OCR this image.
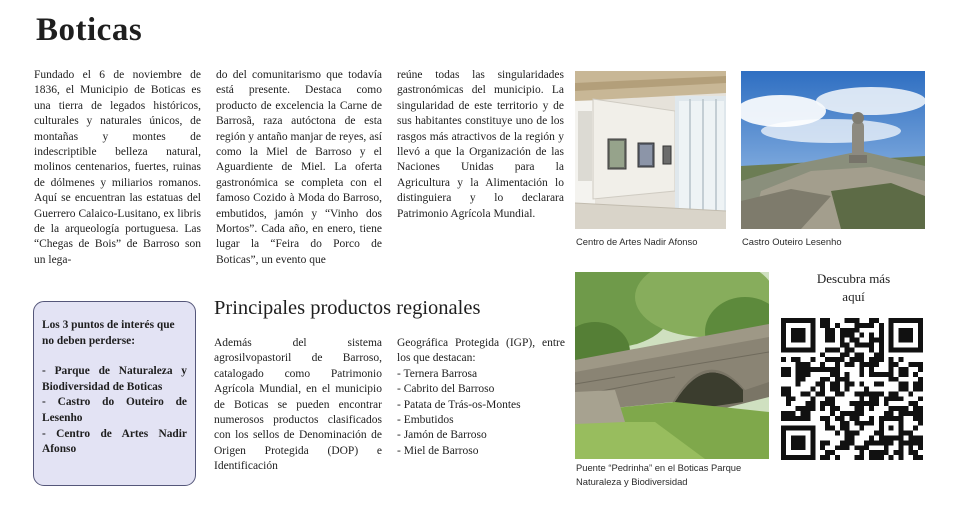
Boticas
Fundado el 6 de noviembre de 1836, el Municipio de Boticas es una tierra de legados históricos, culturales y naturales únicos, de montañas y montes de indescriptible belleza natural, molinos centenarios, fuertes, ruinas de dólmenes y miliarios romanos. Aquí se encuentran las estatuas del Guerrero Calaico-Lusitano, ex libris de la arqueología portuguesa. Las “Chegas de Bois” de Barroso son un lega-
do del comunitarismo que todavía está presente. Destaca como producto de excelencia la Carne de Barrosã, raza autóctona de esta región y antaño manjar de reyes, así como la Miel de Barroso y el Aguardiente de Miel. La oferta gastronómica se completa con el famoso Cozido à Moda do Barroso, embutidos, jamón y “Vinho dos Mortos”. Cada año, en enero, tiene lugar la “Feira do Porco de Boticas”, un evento que
reúne todas las singularidades gastronómicas del municipio. La singularidad de este territorio y de sus habitantes constituye uno de los rasgos más atractivos de la región y llevó a que la Organización de las Naciones Unidas para la Agricultura y la Alimentación lo distinguiera y lo declarara Patrimonio Agrícola Mundial.
Centro de Artes Nadir Afonso	Castro Outeiro Lesenho
Los 3 puntos de interés que no deben perderse:
- Parque de Naturaleza y Biodiversidad de Boticas
- Castro do Outeiro de Lesenho
- Centro de Artes Nadir Afonso
Principales productos regionales
Además del sistema agrosilvopastoril de Barroso, catalogado como Patrimonio Agrícola Mundial, en el municipio de Boticas se pueden encontrar numerosos productos clasificados con los sellos de Denominación de Origen Protegida (DOP) e Identificación
Geográfica Protegida (IGP), entre los que destacan:
- Ternera Barrosa
- Cabrito del Barroso
- Patata de Trás-os-Montes
- Embutidos
- Jamón de Barroso
- Miel de Barroso
Puente “Pedrinha” en el Boticas Parque
Naturaleza y Biodiversidad
Descubra más
aquí
